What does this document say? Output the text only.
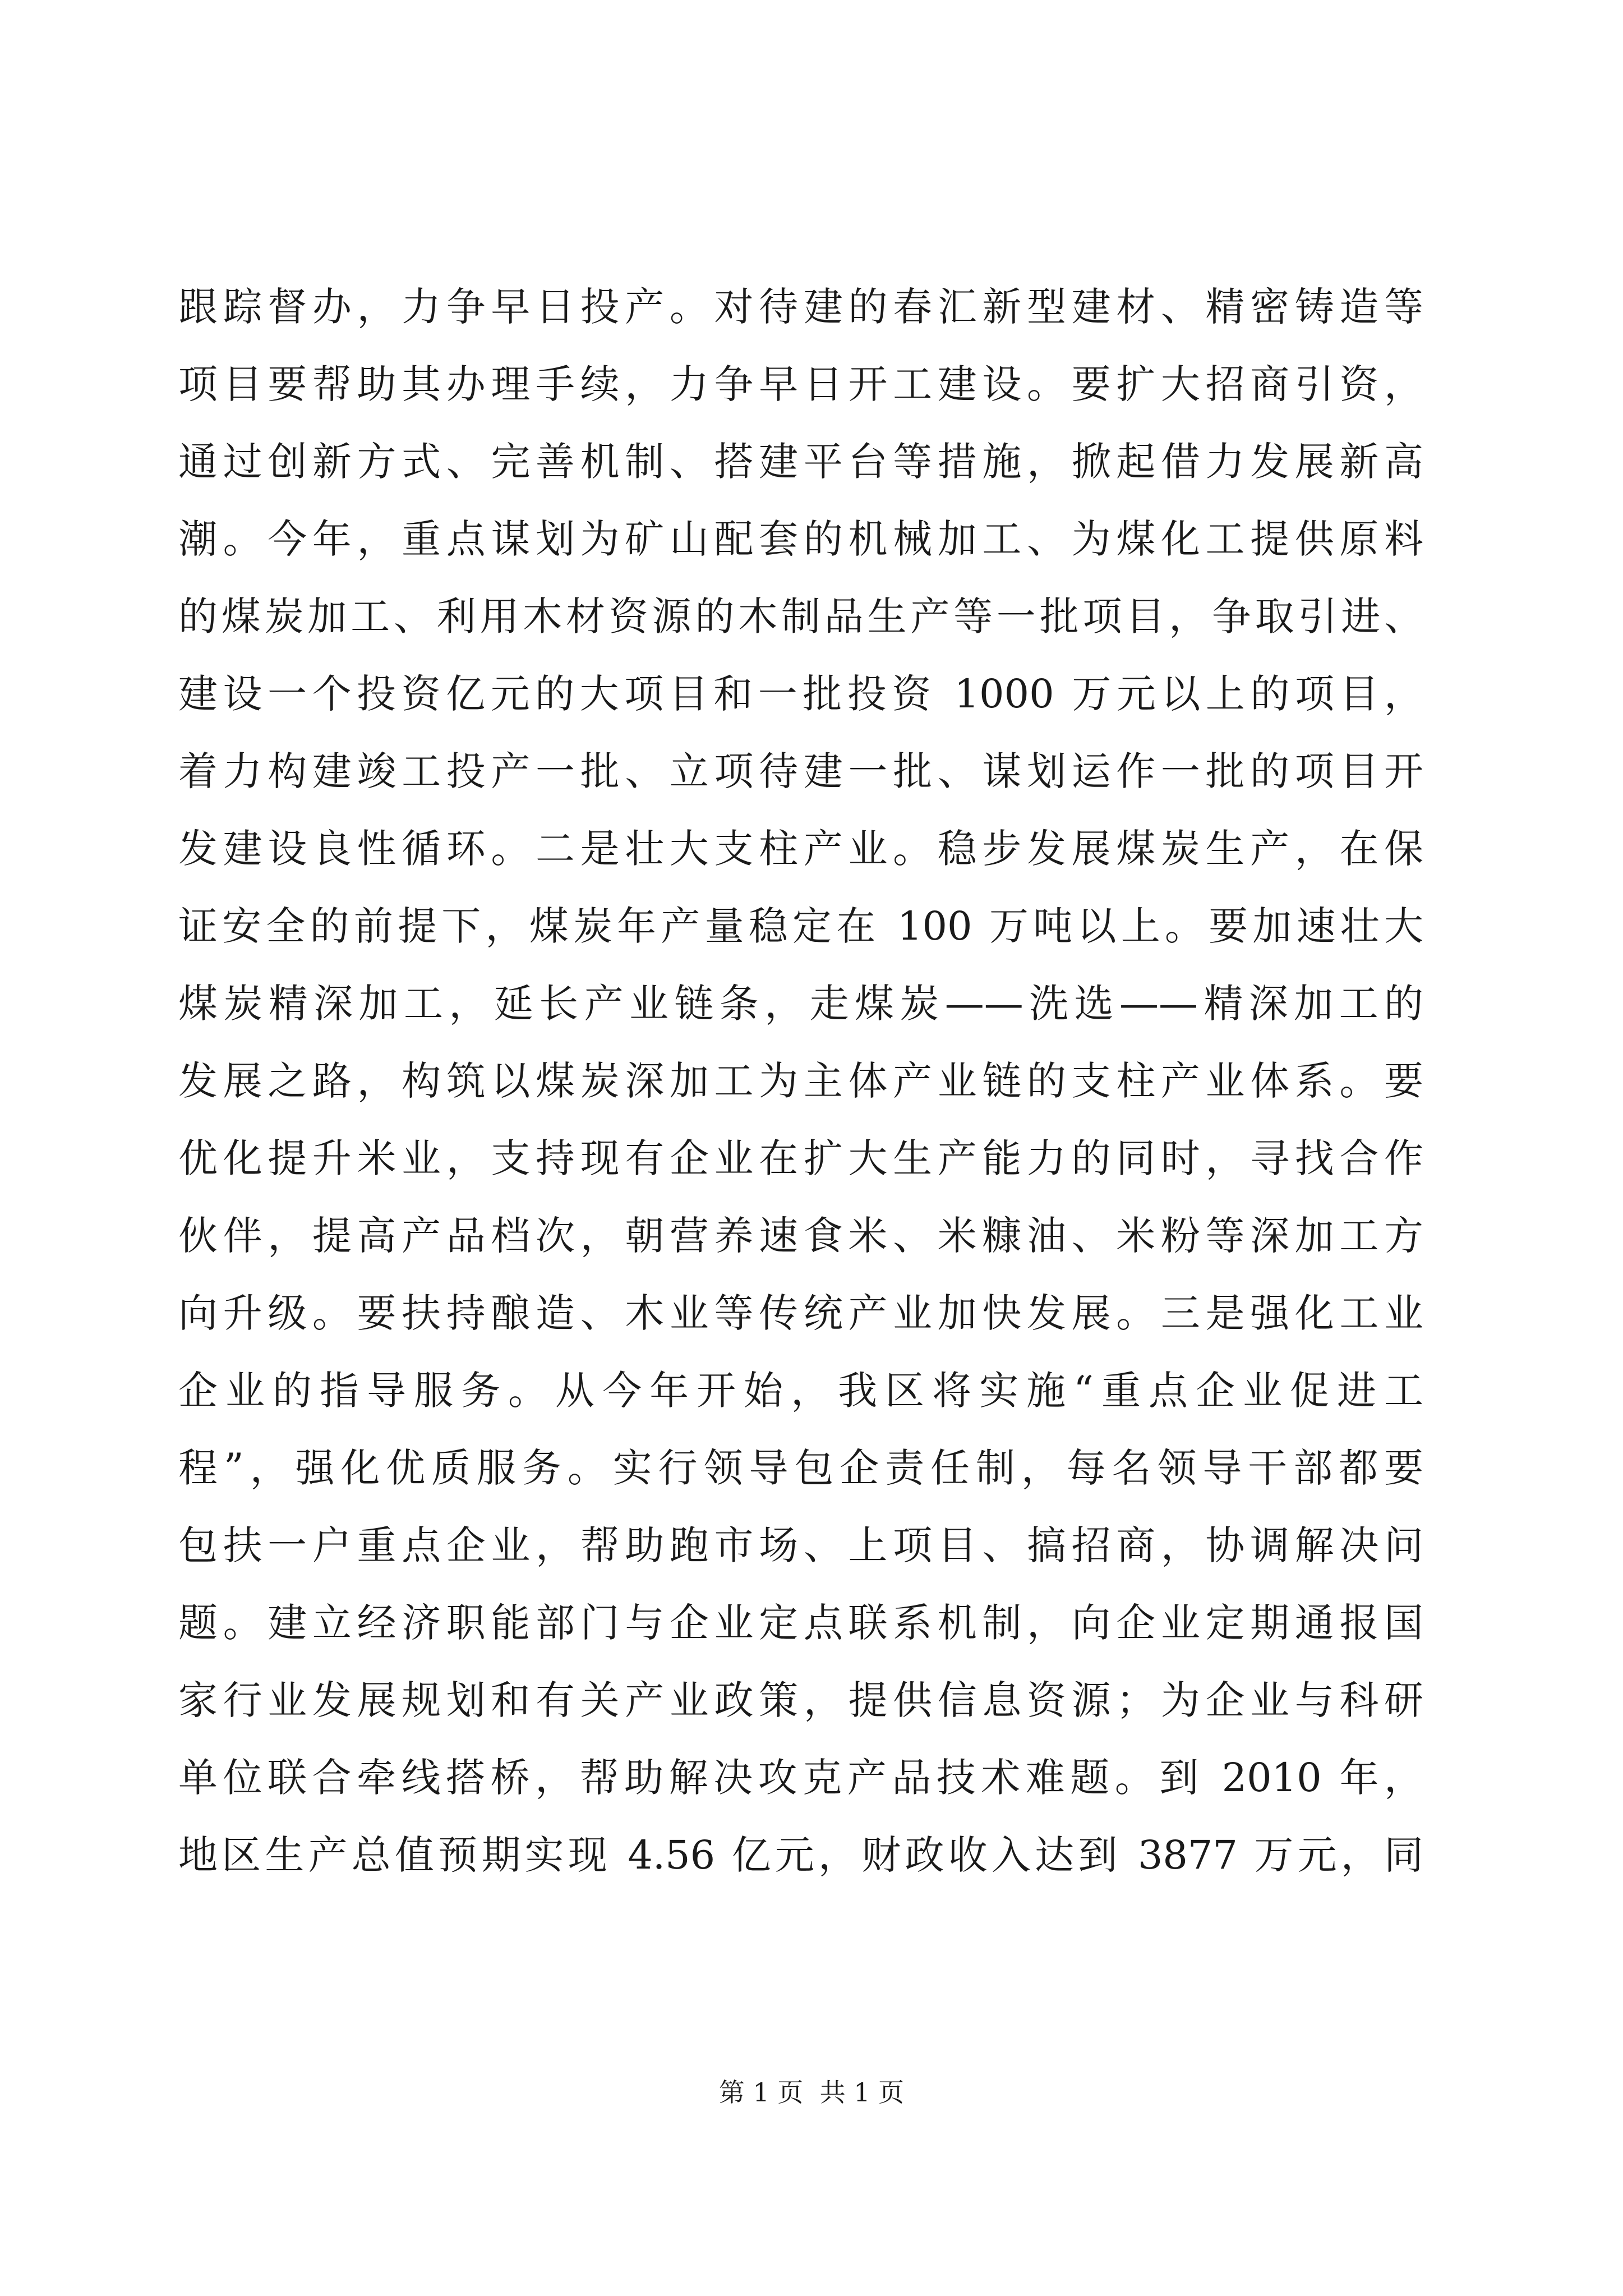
跟踪督办，力争早日投产。对待建的春汇新型建材、精密铸造等
项目要帮助其办理手续，力争早日开工建设。要扩大招商引资，
通过创新方式、完善机制、搭建平台等措施，掀起借力发展新高
潮。今年，重点谋划为矿山配套的机械加工、为煤化工提供原料
的煤炭加工、利用木材资源的木制品生产等一批项目，争取引进、
建设一个投资亿元的大项目和一批投资 1000 万元以上的项目，
着力构建竣工投产一批、立项待建一批、谋划运作一批的项目开
发建设良性循环。二是壮大支柱产业。稳步发展煤炭生产，在保
证安全的前提下，煤炭年产量稳定在 100 万吨以上。要加速壮大
煤炭精深加工，延长产业链条，走煤炭——洗选——精深加工的
发展之路，构筑以煤炭深加工为主体产业链的支柱产业体系。要
优化提升米业，支持现有企业在扩大生产能力的同时，寻找合作
伙伴，提高产品档次，朝营养速食米、米糠油、米粉等深加工方
向升级。要扶持酿造、木业等传统产业加快发展。三是强化工业
企业的指导服务。从今年开始，我区将实施“重点企业促进工
程”，强化优质服务。实行领导包企责任制，每名领导干部都要
包扶一户重点企业，帮助跑市场、上项目、搞招商，协调解决问
题。建立经济职能部门与企业定点联系机制，向企业定期通报国
家行业发展规划和有关产业政策，提供信息资源；为企业与科研
单位联合牵线搭桥，帮助解决攻克产品技术难题。到 2010 年，
地区生产总值预期实现 4.56 亿元，财政收入达到 3877 万元，同
第 1 页  共 1 页
